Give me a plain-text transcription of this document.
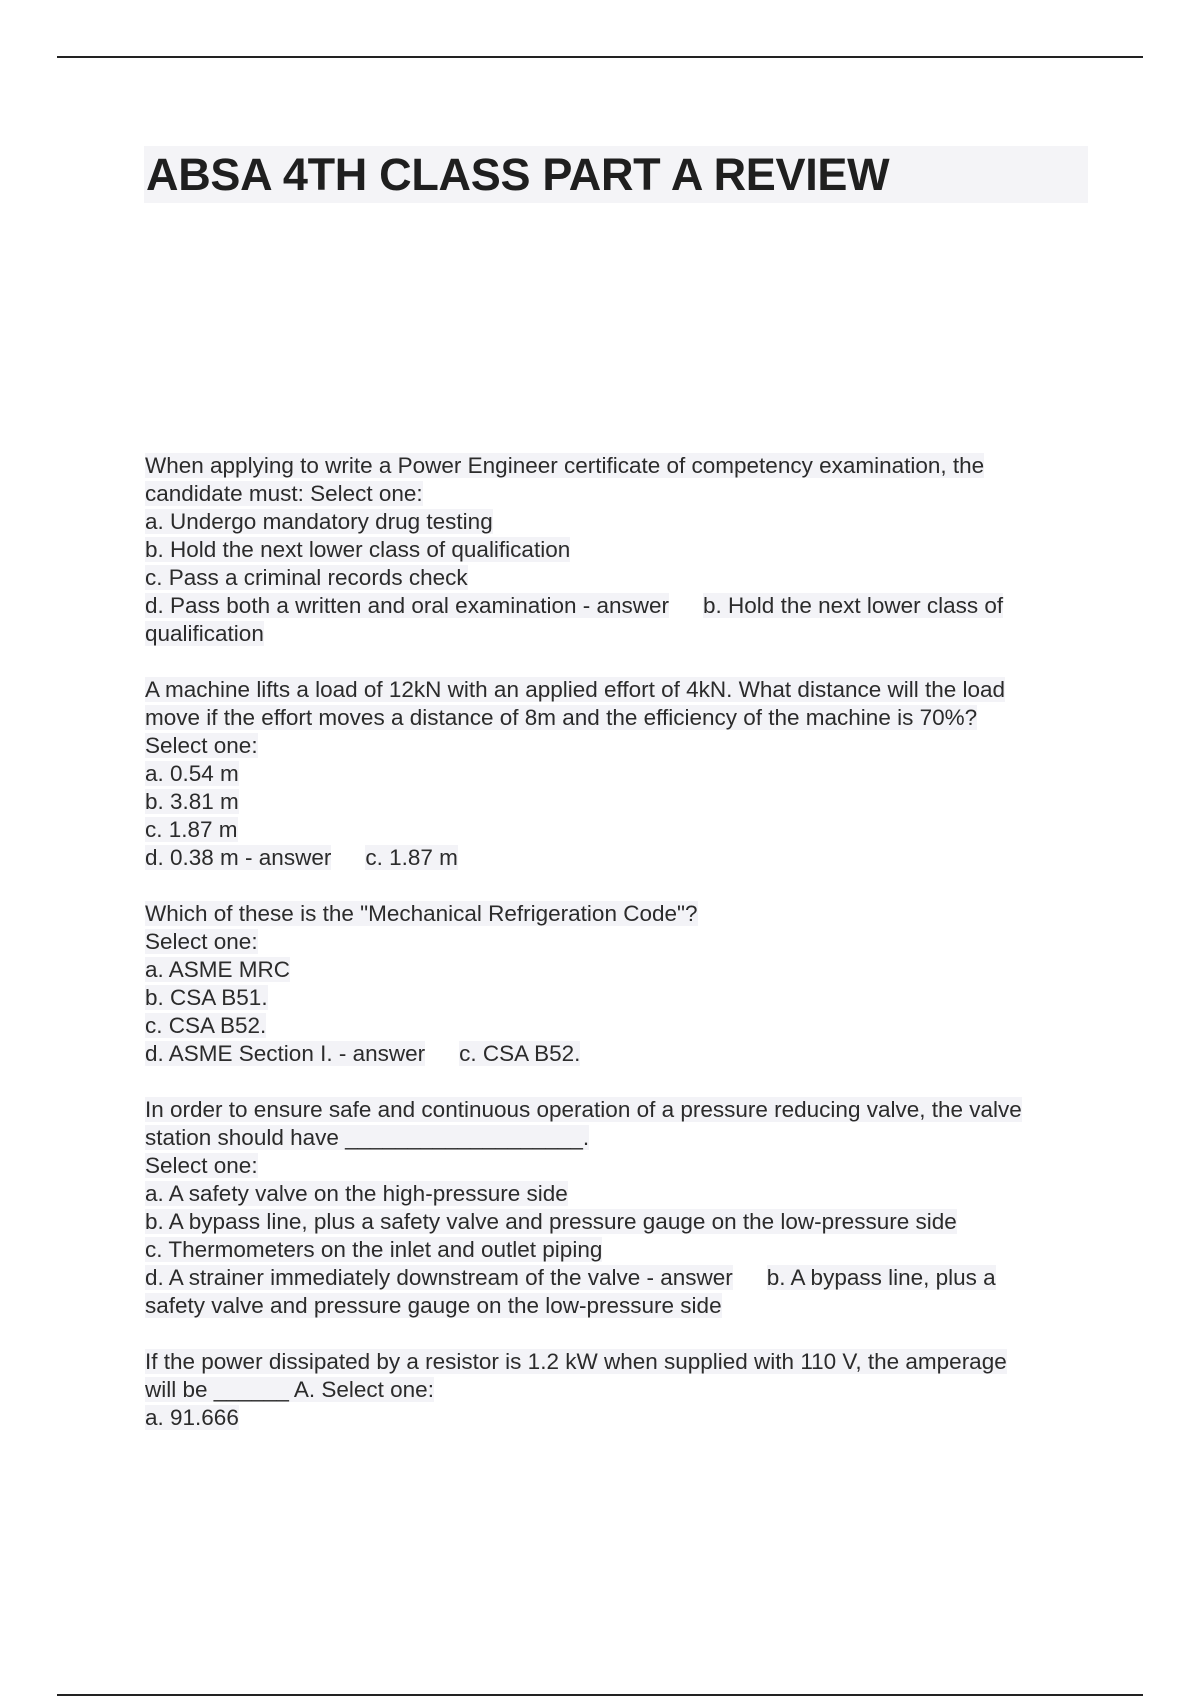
ABSA 4TH CLASS PART A REVIEW
When applying to write a Power Engineer certificate of competency examination, the
candidate must: Select one:
a. Undergo mandatory drug testing
b. Hold the next lower class of qualification
c. Pass a criminal records check
d. Pass both a written and oral examination - answer b. Hold the next lower class of
qualification
A machine lifts a load of 12kN with an applied effort of 4kN. What distance will the load
move if the effort moves a distance of 8m and the efficiency of the machine is 70%?
Select one:
a. 0.54 m
b. 3.81 m
c. 1.87 m
d. 0.38 m - answer c. 1.87 m
Which of these is the "Mechanical Refrigeration Code"?
Select one:
a. ASME MRC
b. CSA B51.
c. CSA B52.
d. ASME Section I. - answer c. CSA B52.
In order to ensure safe and continuous operation of a pressure reducing valve, the valve
station should have ___________________.
Select one:
a. A safety valve on the high-pressure side
b. A bypass line, plus a safety valve and pressure gauge on the low-pressure side
c. Thermometers on the inlet and outlet piping
d. A strainer immediately downstream of the valve - answer b. A bypass line, plus a
safety valve and pressure gauge on the low-pressure side
If the power dissipated by a resistor is 1.2 kW when supplied with 110 V, the amperage
will be ______ A. Select one:
a. 91.666
